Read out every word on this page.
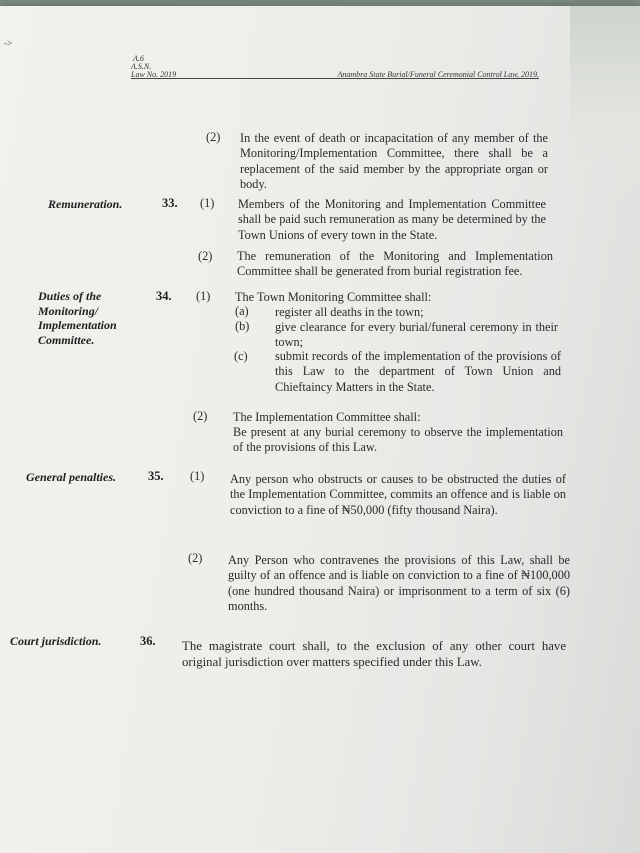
->
A.6
A.S.N.
Law No. 2019	Anambra State Burial/Funeral Ceremonial Control Law, 2019.
(2) In the event of death or incapacitation of any member of the Monitoring/Implementation Committee, there shall be a replacement of the said member by the appropriate organ or body.
Remuneration.	33. (1) Members of the Monitoring and Implementation Committee shall be paid such remuneration as many be determined by the Town Unions of every town in the State.
(2) The remuneration of the Monitoring and Implementation Committee shall be generated from burial registration fee.
Duties of the Monitoring/ Implementation Committee.
34. (1) The Town Monitoring Committee shall:
(a) register all deaths in the town;
(b) give clearance for every burial/funeral ceremony in their town;
(c) submit records of the implementation of the provisions of this Law to the department of Town Union and Chieftaincy Matters in the State.
(2) The Implementation Committee shall:
Be present at any burial ceremony to observe the implementation of the provisions of this Law.
General penalties.	35. (1) Any person who obstructs or causes to be obstructed the duties of the Implementation Committee, commits an offence and is liable on conviction to a fine of ₦50,000 (fifty thousand Naira).
(2) Any Person who contravenes the provisions of this Law, shall be guilty of an offence and is liable on conviction to a fine of ₦100,000 (one hundred thousand Naira) or imprisonment to a term of six (6) months.
Court jurisdiction.	36. The magistrate court shall, to the exclusion of any other court have original jurisdiction over matters specified under this Law.
